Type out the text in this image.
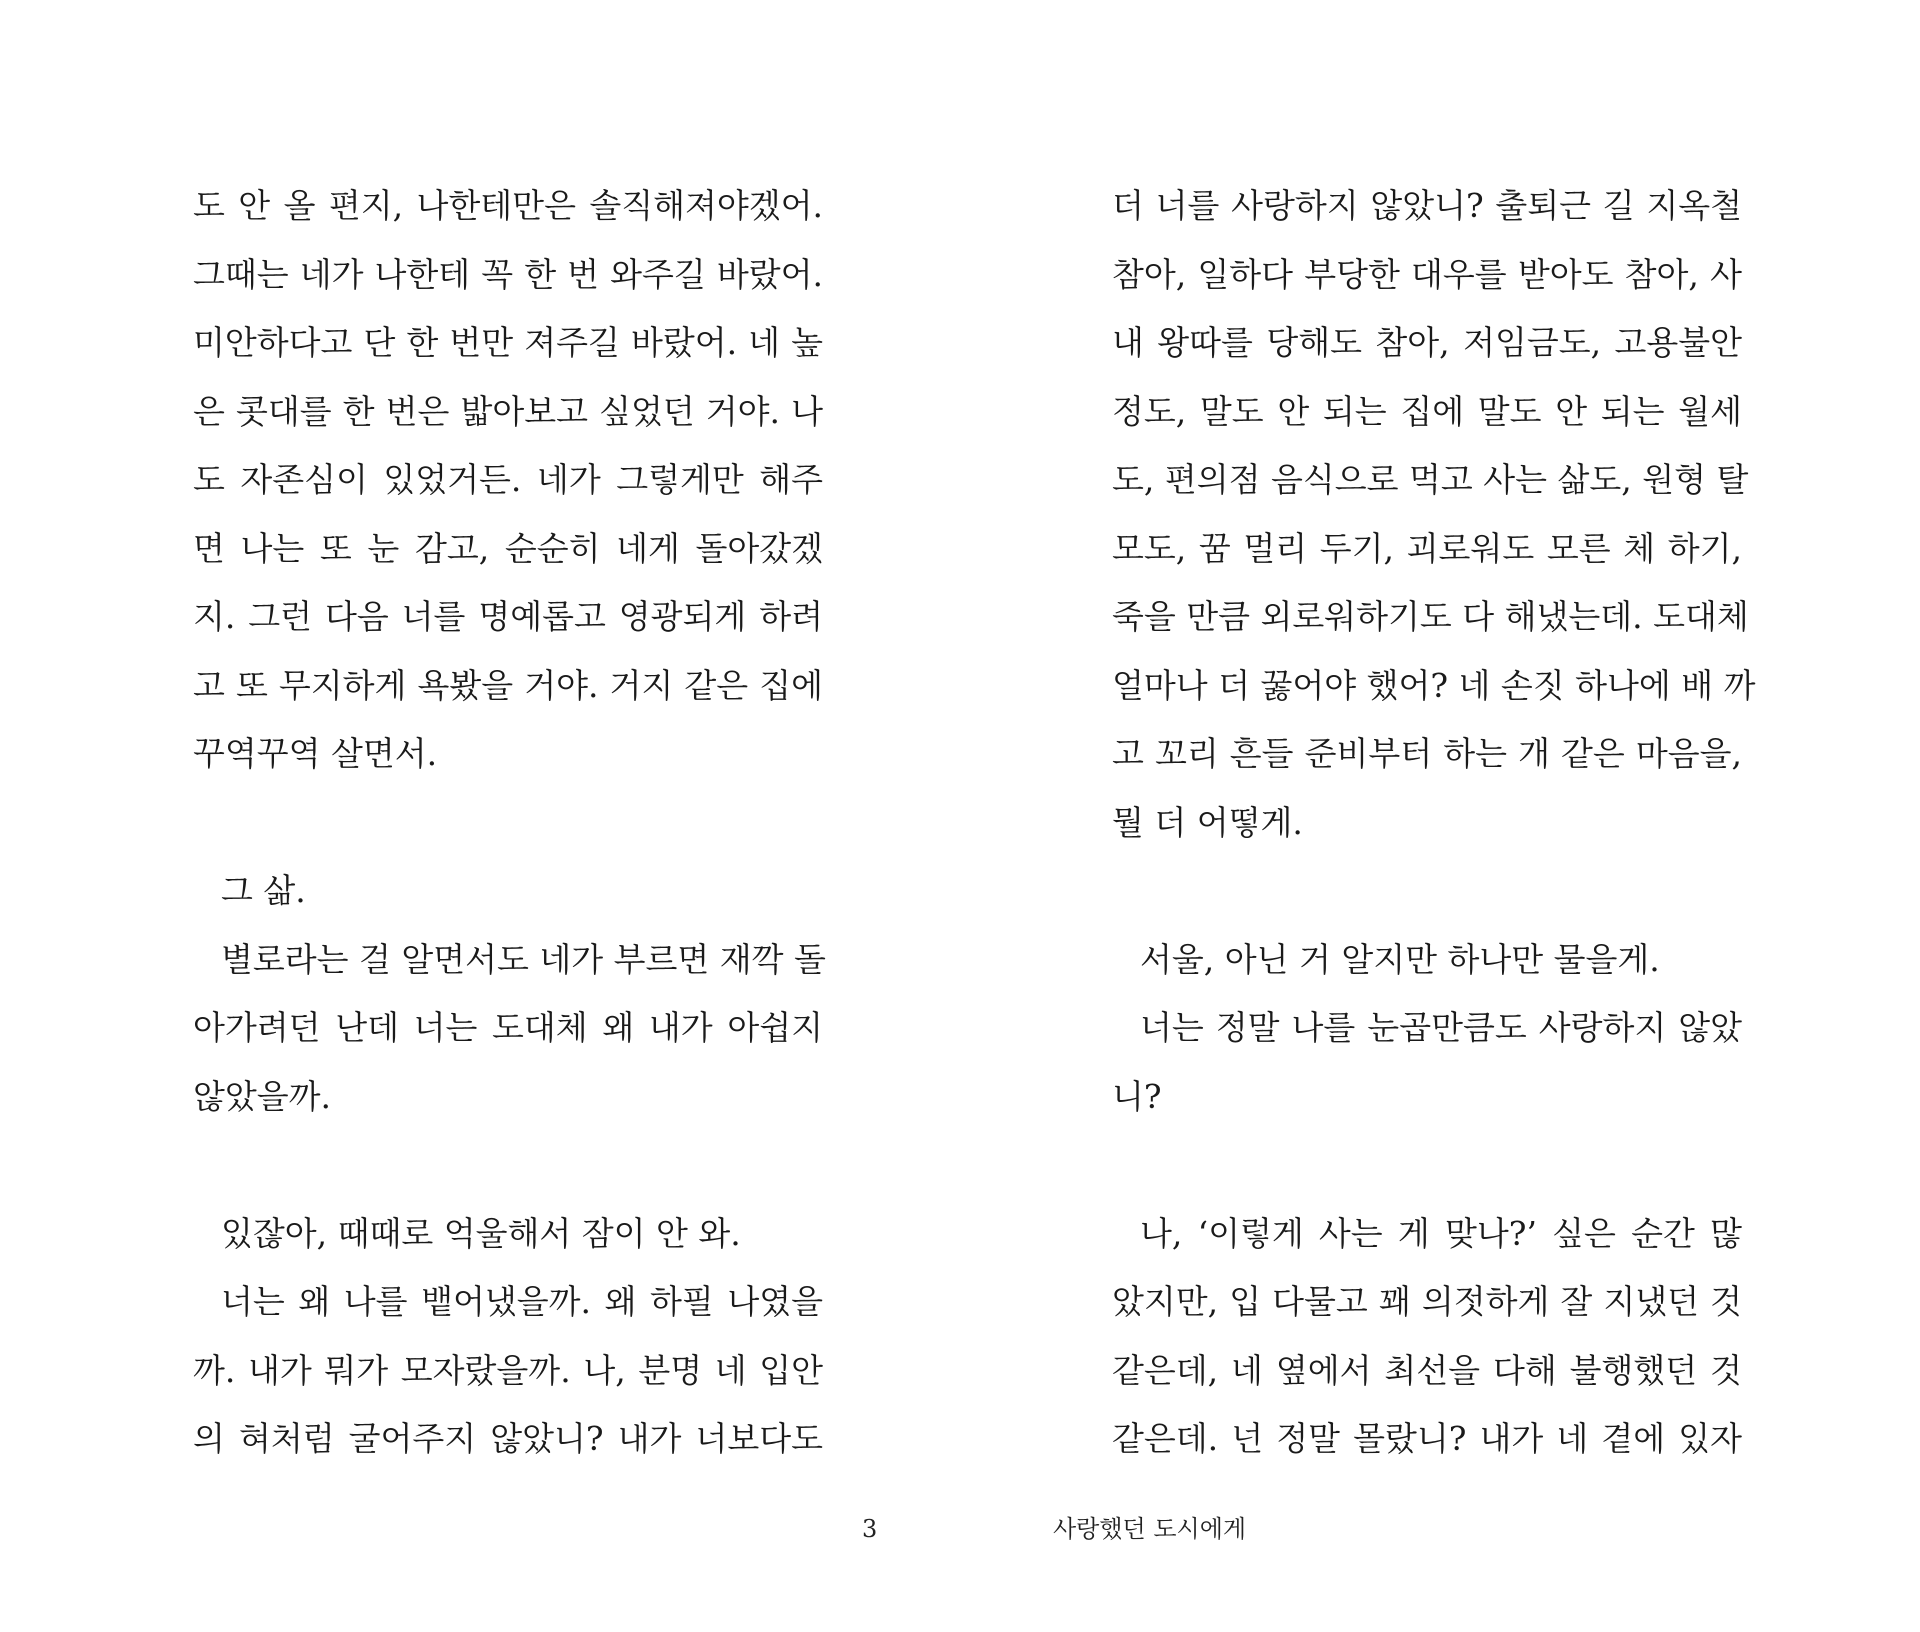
도 안 올 편지, 나한테만은 솔직해져야겠어.
그때는 네가 나한테 꼭 한 번 와주길 바랐어.
미안하다고 단 한 번만 져주길 바랐어. 네 높
은 콧대를 한 번은 밟아보고 싶었던 거야. 나
도 자존심이 있었거든. 네가 그렇게만 해주
면 나는 또 눈 감고, 순순히 네게 돌아갔겠
지. 그런 다음 너를 명예롭고 영광되게 하려
고 또 무지하게 욕봤을 거야. 거지 같은 집에
꾸역꾸역 살면서.
그 삶.
별로라는 걸 알면서도 네가 부르면 재깍 돌
아가려던 난데 너는 도대체 왜 내가 아쉽지
않았을까.
있잖아, 때때로 억울해서 잠이 안 와.
너는 왜 나를 뱉어냈을까. 왜 하필 나였을
까. 내가 뭐가 모자랐을까. 나, 분명 네 입안
의 혀처럼 굴어주지 않았니? 내가 너보다도
더 너를 사랑하지 않았니? 출퇴근 길 지옥철
참아, 일하다 부당한 대우를 받아도 참아, 사
내 왕따를 당해도 참아, 저임금도, 고용불안
정도, 말도 안 되는 집에 말도 안 되는 월세
도, 편의점 음식으로 먹고 사는 삶도, 원형 탈
모도, 꿈 멀리 두기, 괴로워도 모른 체 하기,
죽을 만큼 외로워하기도 다 해냈는데. 도대체
얼마나 더 꿇어야 했어? 네 손짓 하나에 배 까
고 꼬리 흔들 준비부터 하는 개 같은 마음을,
뭘 더 어떻게.
서울, 아닌 거 알지만 하나만 물을게.
너는 정말 나를 눈곱만큼도 사랑하지 않았
니?
나, ‘이렇게 사는 게 맞나?’ 싶은 순간 많
았지만, 입 다물고 꽤 의젓하게 잘 지냈던 것
같은데, 네 옆에서 최선을 다해 불행했던 것
같은데. 넌 정말 몰랐니? 내가 네 곁에 있자
3	사랑했던 도시에게
